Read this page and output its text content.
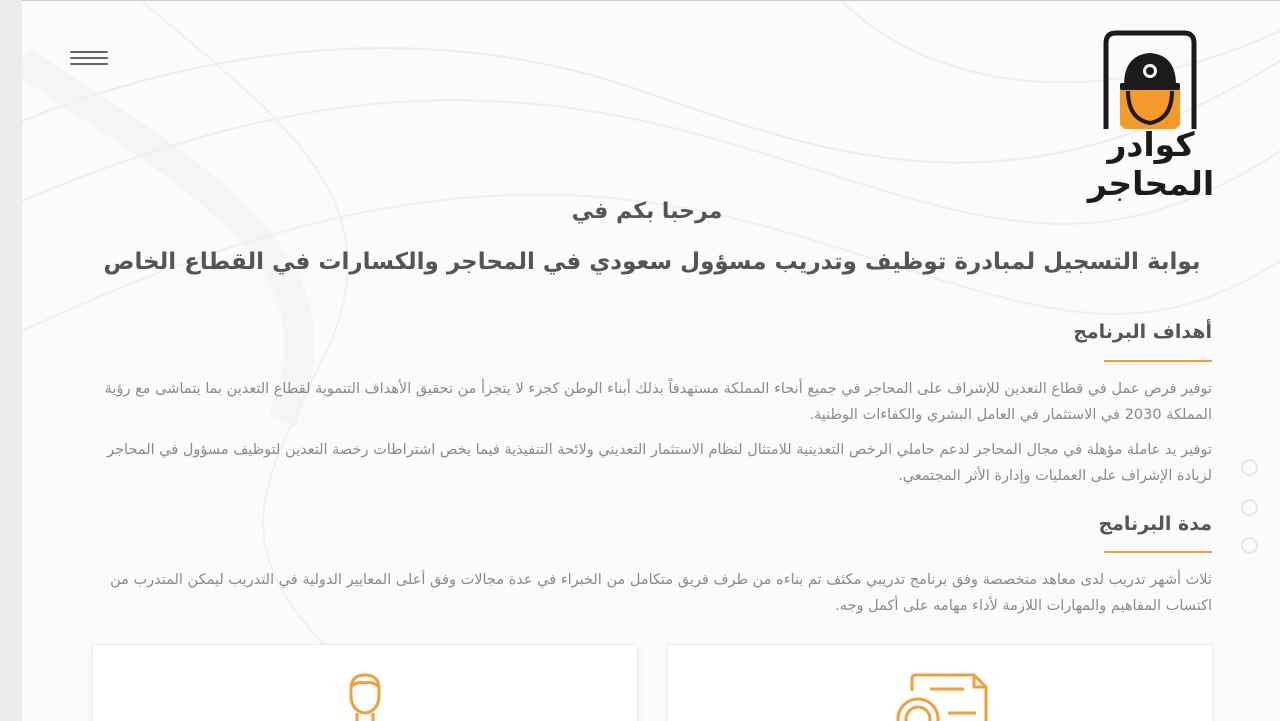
كوادر المحاجر
مرحبا بكم في
بوابة التسجيل لمبادرة توظيف وتدريب مسؤول سعودي في المحاجر والكسارات في القطاع الخاص
أهداف البرنامج
توفير فرص عمل في قطاع التعدين للإشراف على المحاجر في جميع أنحاء المملكة مستهدفاً بذلك أبناء الوطن كجزء لا يتجزأ من تحقيق الأهداف التنموية لقطاع التعدين بما يتماشى مع رؤية المملكة 2030 في الاستثمار في العامل البشري والكفاءات الوطنية.
توفير يد عاملة مؤهلة في مجال المحاجر لدعم حاملي الرخص التعدينية للامتثال لنظام الاستثمار التعديني ولائحة التنفيذية فيما يخص اشتراطات رخصة التعدين لتوظيف مسؤول في المحاجر لزيادة الإشراف على العمليات وإدارة الأثر المجتمعي.
مدة البرنامج
ثلاث أشهر تدريب لدى معاهد متخصصة وفق برنامج تدريبي مكثف تم بناءه من طرف فريق متكامل من الخبراء في عدة مجالات وفق أعلى المعايير الدولية في التدريب ليمكن المتدرب من اكتساب المفاهيم والمهارات اللازمة لأداء مهامه على أكمل وجه.
